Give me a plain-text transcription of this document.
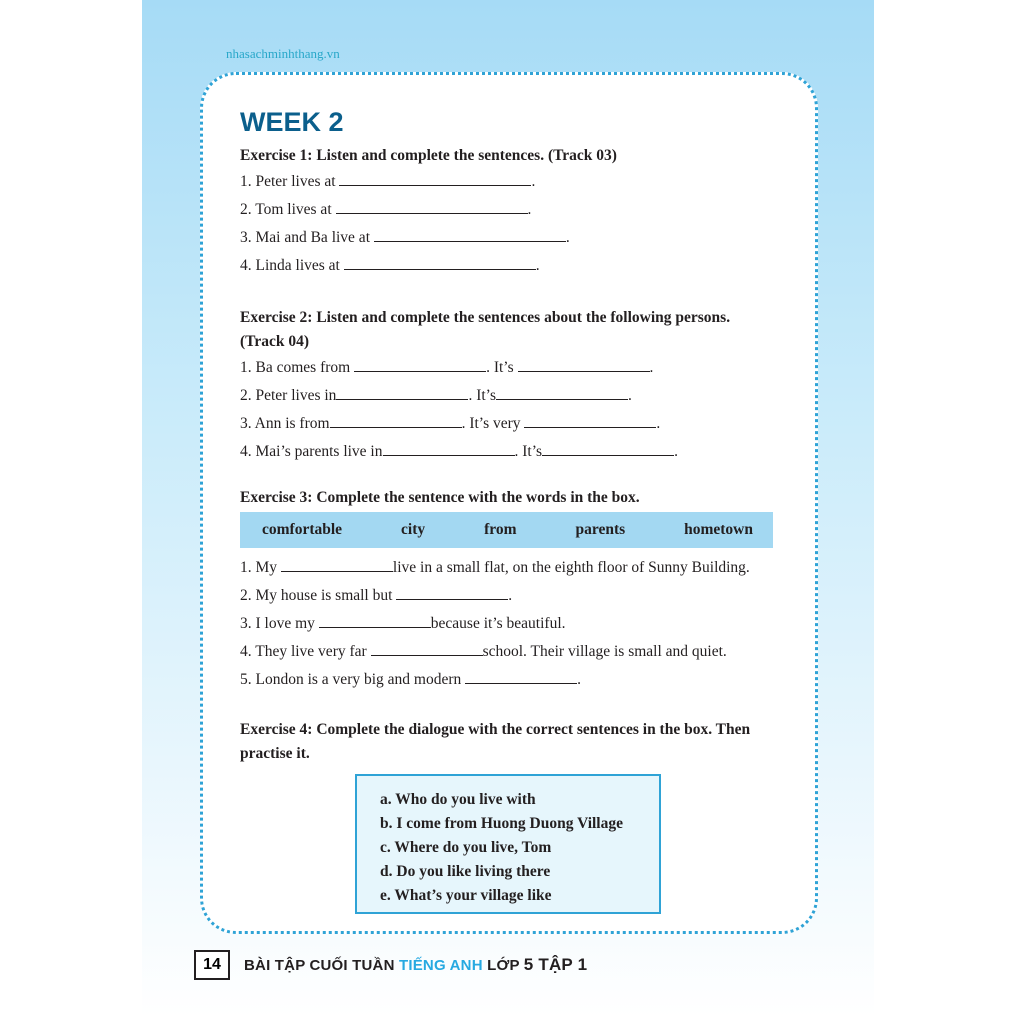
nhasachminhthang.vn
WEEK 2
Exercise 1: Listen and complete the sentences. (Track 03)
1. Peter lives at	.
2. Tom lives at	.
3. Mai and Ba live at	.
4. Linda lives at	.
Exercise 2: Listen and complete the sentences about the following persons.
(Track 04)
1. Ba comes from	. It’s	.
2. Peter lives in	. It’s	.
3. Ann is from	. It’s very	.
4. Mai’s parents live in	. It’s	.
Exercise 3: Complete the sentence with the words in the box.
comfortable	city	from	parents	hometown
1. My	live in a small flat, on the eighth floor of Sunny Building.
2. My house is small but	.
3. I love my	because it’s beautiful.
4. They live very far	school. Their village is small and quiet.
5. London is a very big and modern	.
Exercise 4: Complete the dialogue with the correct sentences in the box. Then
practise it.
a. Who do you live with
b. I come from Huong Duong Village
c. Where do you live, Tom
d. Do you like living there
e. What’s your village like
14	BÀI TẬP CUỐI TUẦN TIẾNG ANH LỚP 5 TẬP 1
